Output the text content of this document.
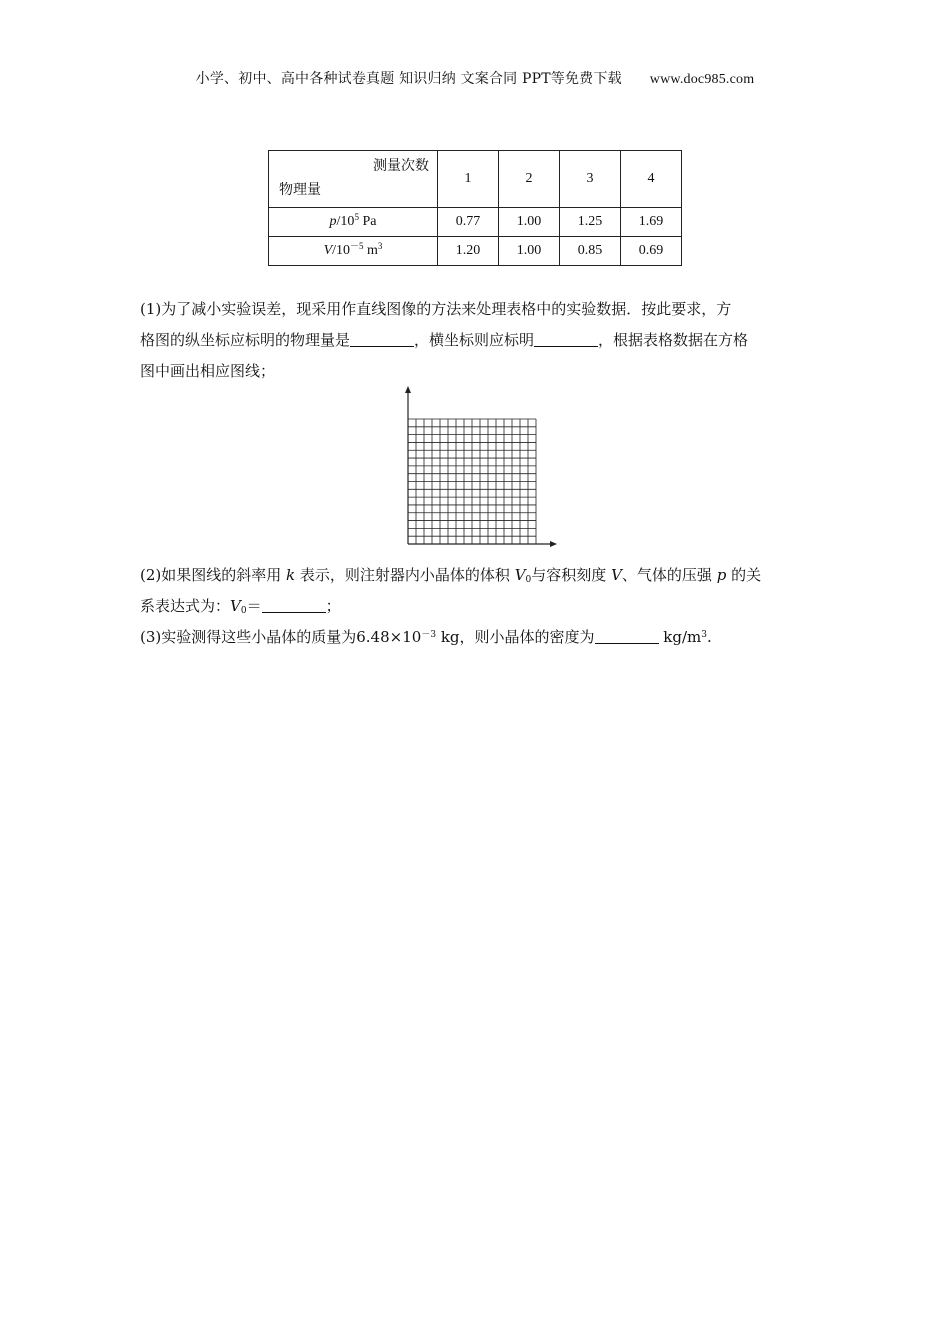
小学、初中、高中各种试卷真题 知识归纳 文案合同 PPT等免费下载 www.doc985.com
测量次数
物理量	1	2	3	4
$p/10^5$ Pa	0.77	1.00	1.25	1.69
$V/10^{-5}$ $m^3$	1.20	1.00	0.85	0.69
(1)为了减小实验误差，现采用作直线图像的方法来处理表格中的实验数据．按此要求，方
格图的纵坐标应标明的物理量是	，横坐标则应标明	，根据表格数据在方格
图中画出相应图线；
(2)如果图线的斜率用 k 表示，则注射器内小晶体的体积 $V_0$与容积刻度 V、气体的压强 p 的关
系表达式为：$V_0=$	；
(3)实验测得这些小晶体的质量为$6.48\times 10^{-3}$ kg，则小晶体的密度为	$kg/m^3$.
